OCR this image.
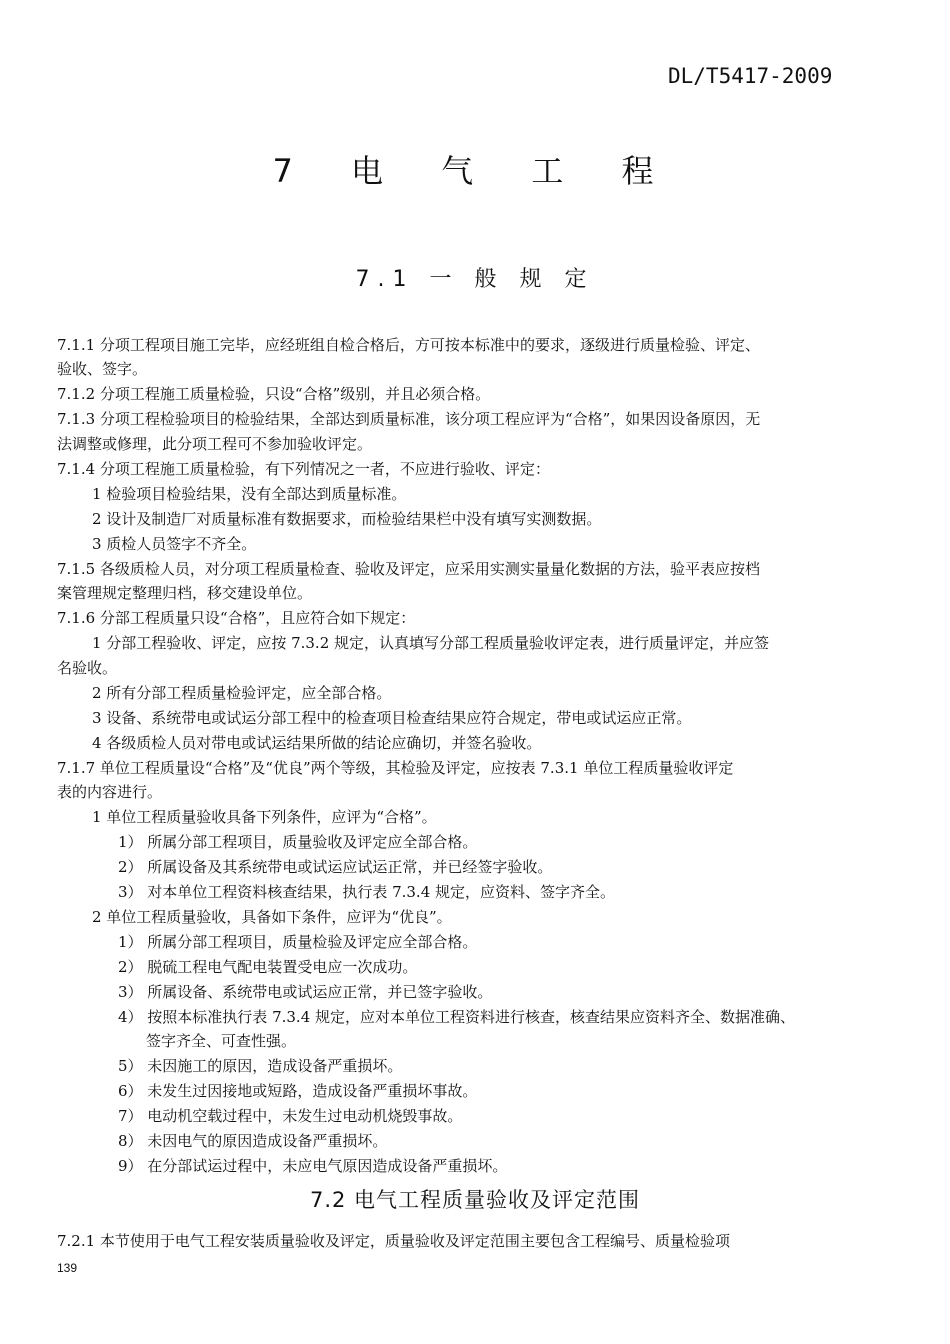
DL/T5417-2009
7 电 气 工 程
7.1 一 般 规 定
7.1.1 分项工程项目施工完毕，应经班组自检合格后，方可按本标准中的要求，逐级进行质量检验、评定、
验收、签字。
7.1.2 分项工程施工质量检验，只设“合格”级别，并且必须合格。
7.1.3 分项工程检验项目的检验结果，全部达到质量标准，该分项工程应评为“合格”，如果因设备原因，无
法调整或修理，此分项工程可不参加验收评定。
7.1.4 分项工程施工质量检验，有下列情况之一者，不应进行验收、评定：
1 检验项目检验结果，没有全部达到质量标准。
2 设计及制造厂对质量标准有数据要求，而检验结果栏中没有填写实测数据。
3 质检人员签字不齐全。
7.1.5 各级质检人员，对分项工程质量检查、验收及评定，应采用实测实量量化数据的方法，验平表应按档
案管理规定整理归档，移交建设单位。
7.1.6 分部工程质量只设“合格”，且应符合如下规定：
1 分部工程验收、评定，应按 7.3.2 规定，认真填写分部工程质量验收评定表，进行质量评定，并应签
名验收。
2 所有分部工程质量检验评定，应全部合格。
3 设备、系统带电或试运分部工程中的检查项目检查结果应符合规定，带电或试运应正常。
4 各级质检人员对带电或试运结果所做的结论应确切，并签名验收。
7.1.7 单位工程质量设“合格”及“优良”两个等级，其检验及评定，应按表 7.3.1 单位工程质量验收评定
表的内容进行。
1 单位工程质量验收具备下列条件，应评为“合格”。
1） 所属分部工程项目，质量验收及评定应全部合格。
2） 所属设备及其系统带电或试运应试运正常，并已经签字验收。
3） 对本单位工程资料核查结果，执行表 7.3.4 规定，应资料、签字齐全。
2 单位工程质量验收，具备如下条件，应评为“优良”。
1） 所属分部工程项目，质量检验及评定应全部合格。
2） 脱硫工程电气配电装置受电应一次成功。
3） 所属设备、系统带电或试运应正常，并已签字验收。
4） 按照本标准执行表 7.3.4 规定，应对本单位工程资料进行核查，核查结果应资料齐全、数据准确、
签字齐全、可查性强。
5） 未因施工的原因，造成设备严重损坏。
6） 未发生过因接地或短路，造成设备严重损坏事故。
7） 电动机空载过程中，未发生过电动机烧毁事故。
8） 未因电气的原因造成设备严重损坏。
9） 在分部试运过程中，未应电气原因造成设备严重损坏。
7.2.1 本节使用于电气工程安装质量验收及评定，质量验收及评定范围主要包含工程编号、质量检验项
7.2 电气工程质量验收及评定范围
139
